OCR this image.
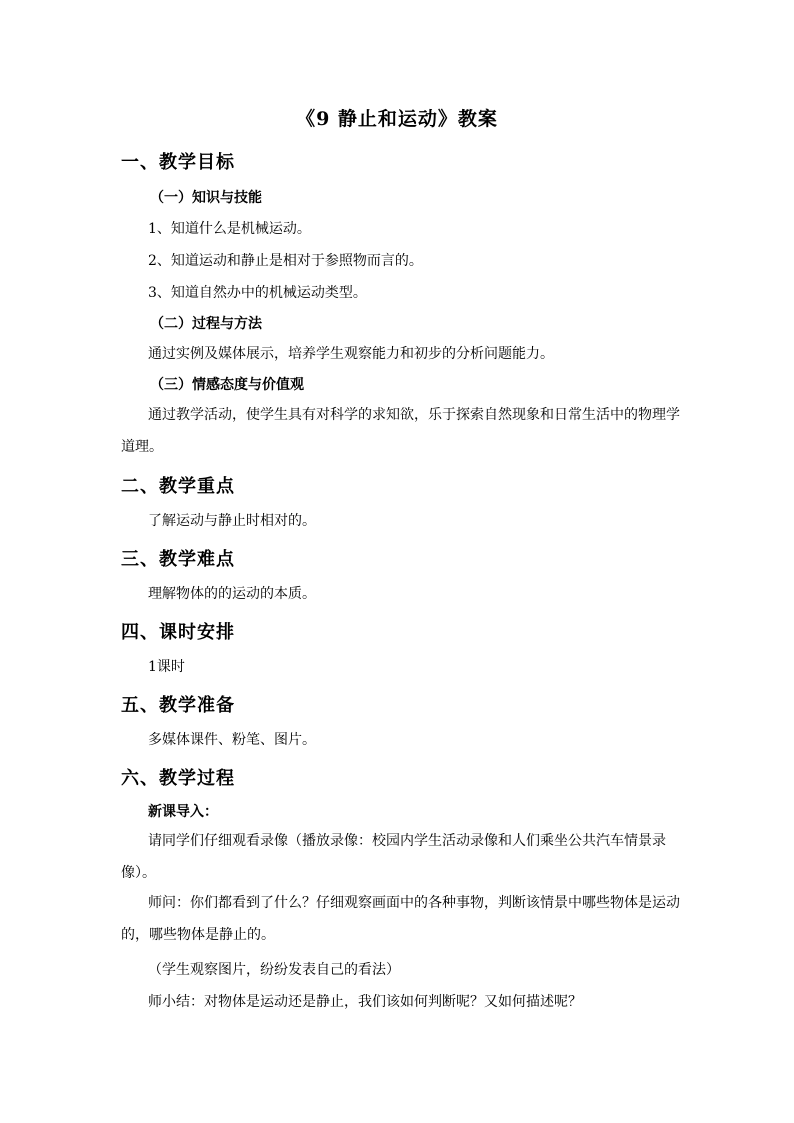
《9 静止和运动》教案
一、教学目标
（一）知识与技能
1、知道什么是机械运动。
2、知道运动和静止是相对于参照物而言的。
3、知道自然办中的机械运动类型。
（二）过程与方法
通过实例及媒体展示，培养学生观察能力和初步的分析问题能力。
（三）情感态度与价值观
通过教学活动，使学生具有对科学的求知欲，乐于探索自然现象和日常生活中的物理学道理。
二、教学重点
了解运动与静止时相对的。
三、教学难点
理解物体的的运动的本质。
四、课时安排
1课时
五、教学准备
多媒体课件、粉笔、图片。
六、教学过程
新课导入：
请同学们仔细观看录像（播放录像：校园内学生活动录像和人们乘坐公共汽车情景录像）。
师问：你们都看到了什么？仔细观察画面中的各种事物，判断该情景中哪些物体是运动的，哪些物体是静止的。
（学生观察图片，纷纷发表自己的看法）
师小结：对物体是运动还是静止，我们该如何判断呢？又如何描述呢？
